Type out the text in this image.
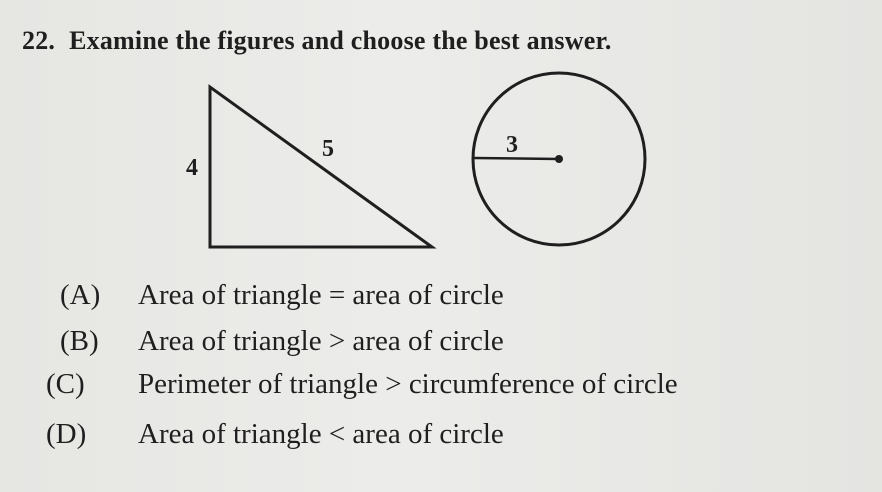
22. Examine the figures and choose the best answer.
4
5	3
(A) Area of triangle = area of circle
(B) Area of triangle > area of circle
(C) Perimeter of triangle > circumference of circle
(D) Area of triangle < area of circle
